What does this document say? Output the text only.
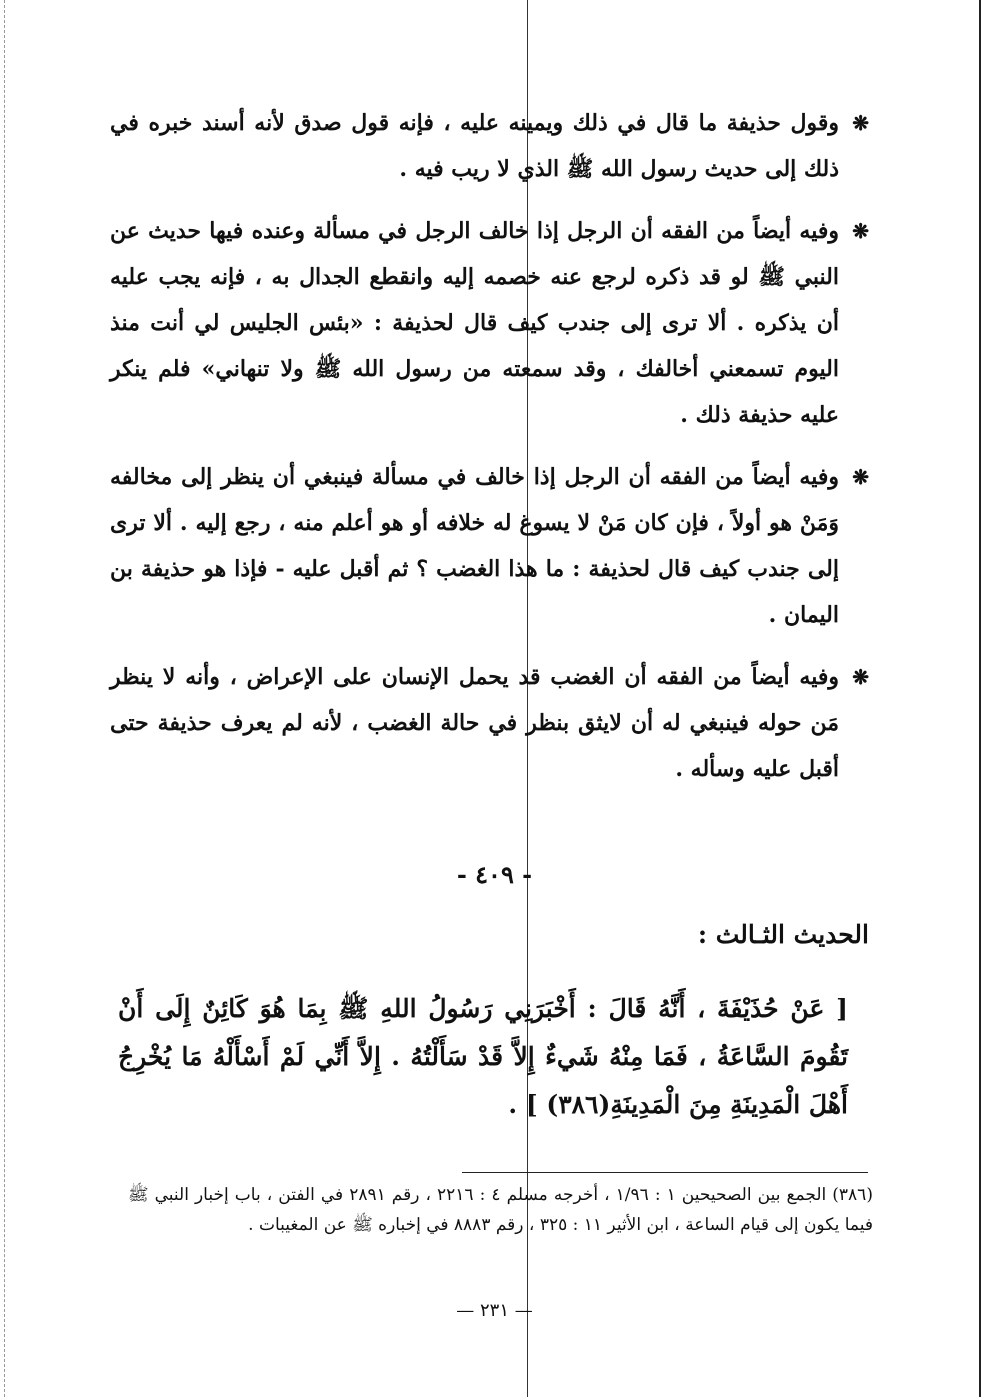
❋
وقول حذيفة ما قال في ذلك ويمينه عليه ، فإنه قول صدق لأنه أسند خبره في ذلك إلى حديث رسول الله ﷺ الذي لا ريب فيه .

❋
وفيه أيضاً من الفقه أن الرجل إذا خالف الرجل في مسألة وعنده فيها حديث عن النبي ﷺ لو قد ذكره لرجع عنه خصمه إليه وانقطع الجدال به ، فإنه يجب عليه أن يذكره . ألا ترى إلى جندب كيف قال لحذيفة : «بئس الجليس لي أنت منذ اليوم تسمعني أخالفك ، وقد سمعته من رسول الله ﷺ ولا تنهاني» فلم ينكر عليه حذيفة ذلك .

❋
وفيه أيضاً من الفقه أن الرجل إذا خالف في مسألة فينبغي أن ينظر إلى مخالفه وَمَنْ هو أولاً ، فإن كان مَنْ لا يسوغ له خلافه أو هو أعلم منه ، رجع إليه . ألا ترى إلى جندب كيف قال لحذيفة : ما هذا الغضب ؟ ثم أقبل عليه - فإذا هو حذيفة بن اليمان .

❋
وفيه أيضاً من الفقه أن الغضب قد يحمل الإنسان على الإعراض ، وأنه لا ينظر مَن حوله فينبغي له أن لايثق بنظر في حالة الغضب ، لأنه لم يعرف حذيفة حتى أقبل عليه وسأله .

- ٤٠٩ -
الحديث الثـالث :
[ عَنْ حُذَيْفَةَ ، أَنَّهُ قَالَ : أَخْبَرَنِي رَسُولُ اللهِ ﷺ بِمَا هُوَ كَائِنٌ إِلَى أَنْ تَقُومَ السَّاعَةُ ، فَمَا مِنْهُ شَيءٌ إِلاَّ قَدْ سَأَلْتُهُ . إِلاَّ أَنِّي لَمْ أَسْأَلْهُ مَا يُخْرِجُ أَهْلَ الْمَدِينَةِ مِنَ الْمَدِينَةِ(٣٨٦) ] .
(٣٨٦) الجمع بين الصحيحين ١ : ١/٩٦ ، أخرجه مسلم ٤ : ٢٢١٦ ، رقم ٢٨٩١ في الفتن ، باب إخبار النبي ﷺ فيما يكون إلى قيام الساعة ، ابن الأثير ١١ : ٣٢٥ ، رقم ٨٨٨٣ في إخباره ﷺ عن المغيبات .
— ٢٣١ —
